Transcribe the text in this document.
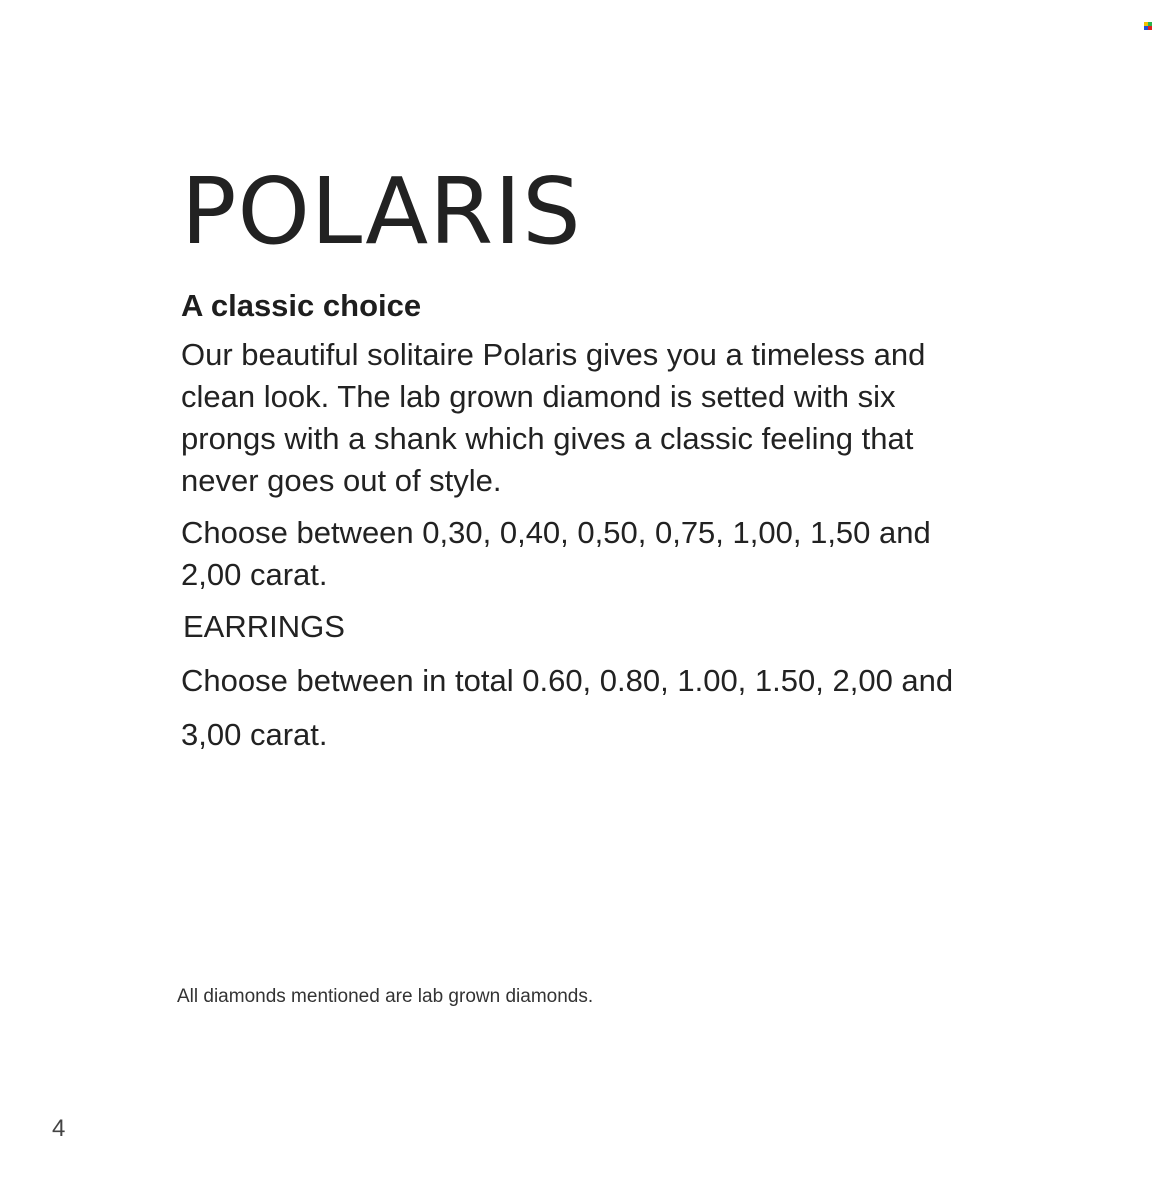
POLARIS
A classic choice

Our beautiful solitaire Polaris gives you a timeless and clean look. The lab grown diamond is setted with six prongs with a shank which gives a classic feeling that never goes out of style.

Choose between 0,30, 0,40, 0,50, 0,75, 1,00, 1,50 and 2,00 carat.

EARRINGS

Choose between in total 0.60, 0.80, 1.00, 1.50, 2,00 and 3,00 carat.

All diamonds mentioned are lab grown diamonds.
4
